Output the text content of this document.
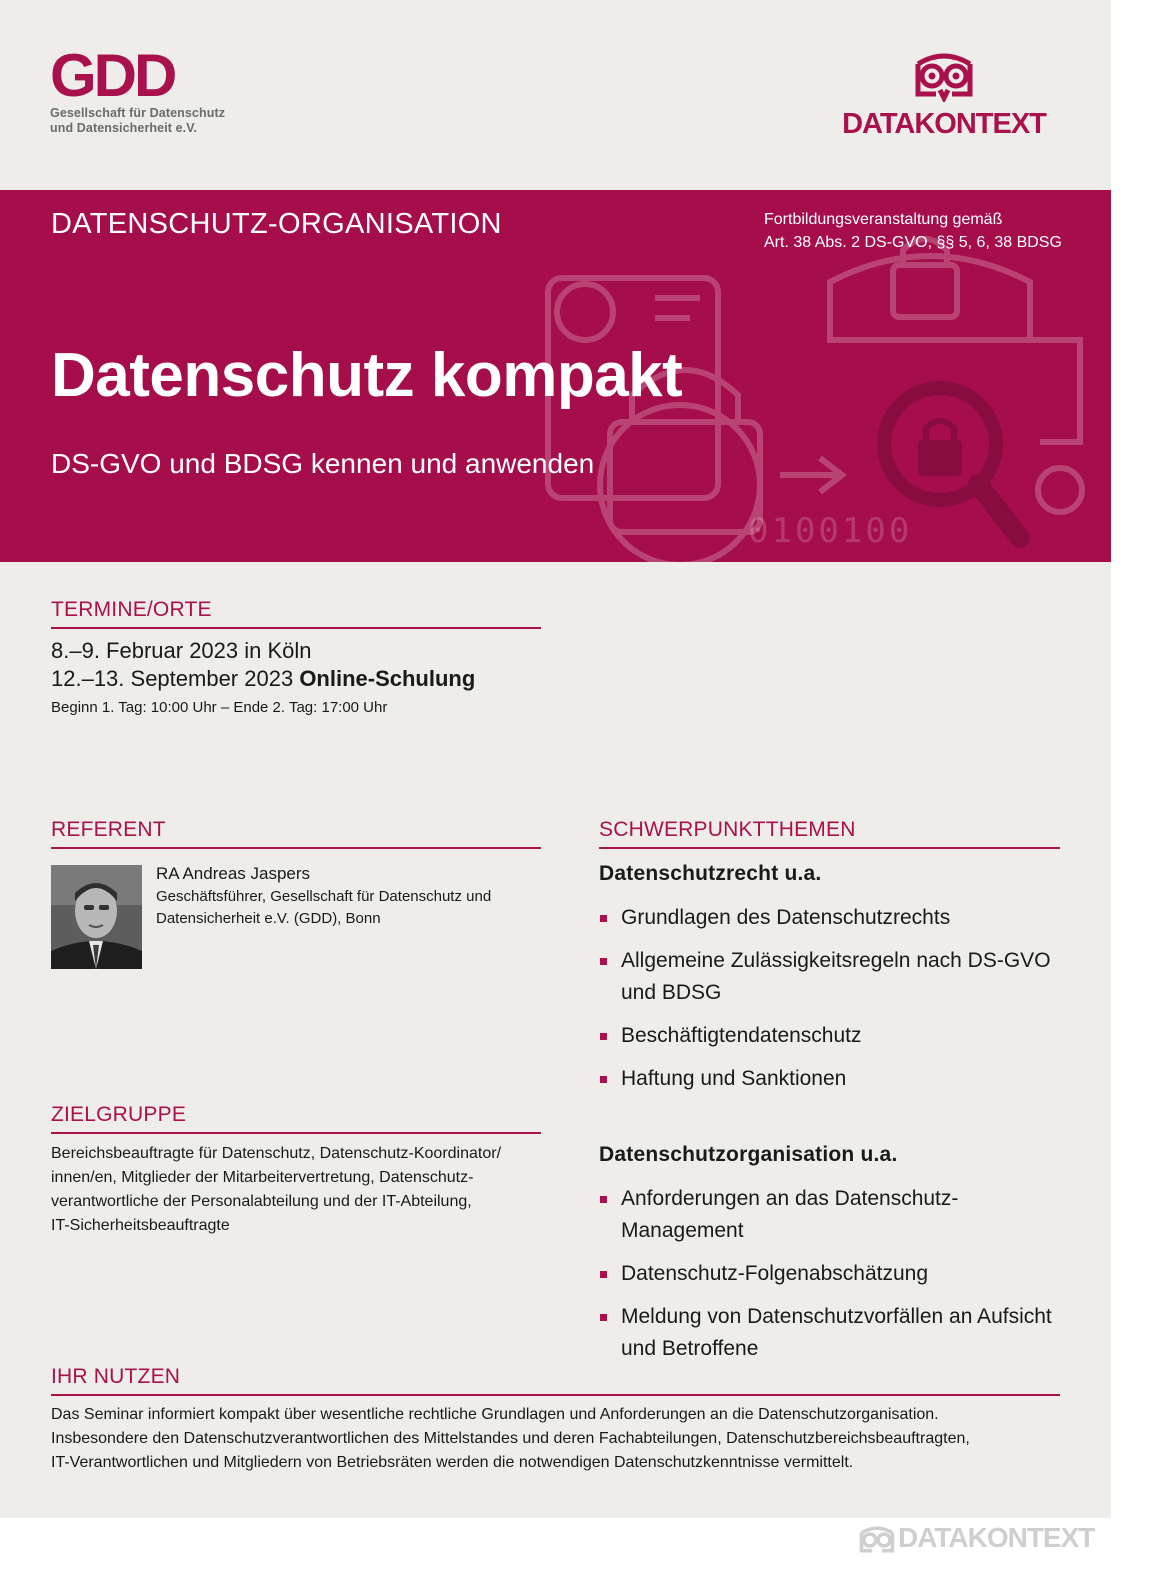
GDD
Gesellschaft für Datenschutz
und Datensicherheit e.V.	DATAKONTEXT
0100100
DATENSCHUTZ-ORGANISATION	Fortbildungsveranstaltung gemäß
Art. 38 Abs. 2 DS-GVO, §§ 5, 6, 38 BDSG
Datenschutz kompakt
DS-GVO und BDSG kennen und anwenden
TERMINE/ORTE
8.–9. Februar 2023 in Köln
12.–13. September 2023 Online-Schulung
Beginn 1. Tag: 10:00 Uhr – Ende 2. Tag: 17:00 Uhr
REFERENT
RA Andreas Jaspers
Geschäftsführer, Gesellschaft für Datenschutz und
Datensicherheit e.V. (GDD), Bonn
ZIELGRUPPE
Bereichsbeauftragte für Datenschutz, Datenschutz-Koordinator/
innen/en, Mitglieder der Mitarbeitervertretung, Datenschutz-
verantwortliche der Personalabteilung und der IT-Abteilung,
IT-Sicherheitsbeauftragte
SCHWERPUNKTTHEMEN
Datenschutzrecht u.a.
Grundlagen des Datenschutzrechts
Allgemeine Zulässigkeitsregeln nach DS-GVO und BDSG
Beschäftigtendatenschutz
Haftung und Sanktionen
Datenschutzorganisation u.a.
Anforderungen an das Datenschutz-Management
Datenschutz-Folgenabschätzung
Meldung von Datenschutzvorfällen an Aufsicht und Betroffene
IHR NUTZEN
Das Seminar informiert kompakt über wesentliche rechtliche Grundlagen und Anforderungen an die Datenschutzorganisation.
Insbesondere den Datenschutzverantwortlichen des Mittelstandes und deren Fachabteilungen, Datenschutzbereichsbeauftragten,
IT-Verantwortlichen und Mitgliedern von Betriebsräten werden die notwendigen Datenschutzkenntnisse vermittelt.
DATAKONTEXT
